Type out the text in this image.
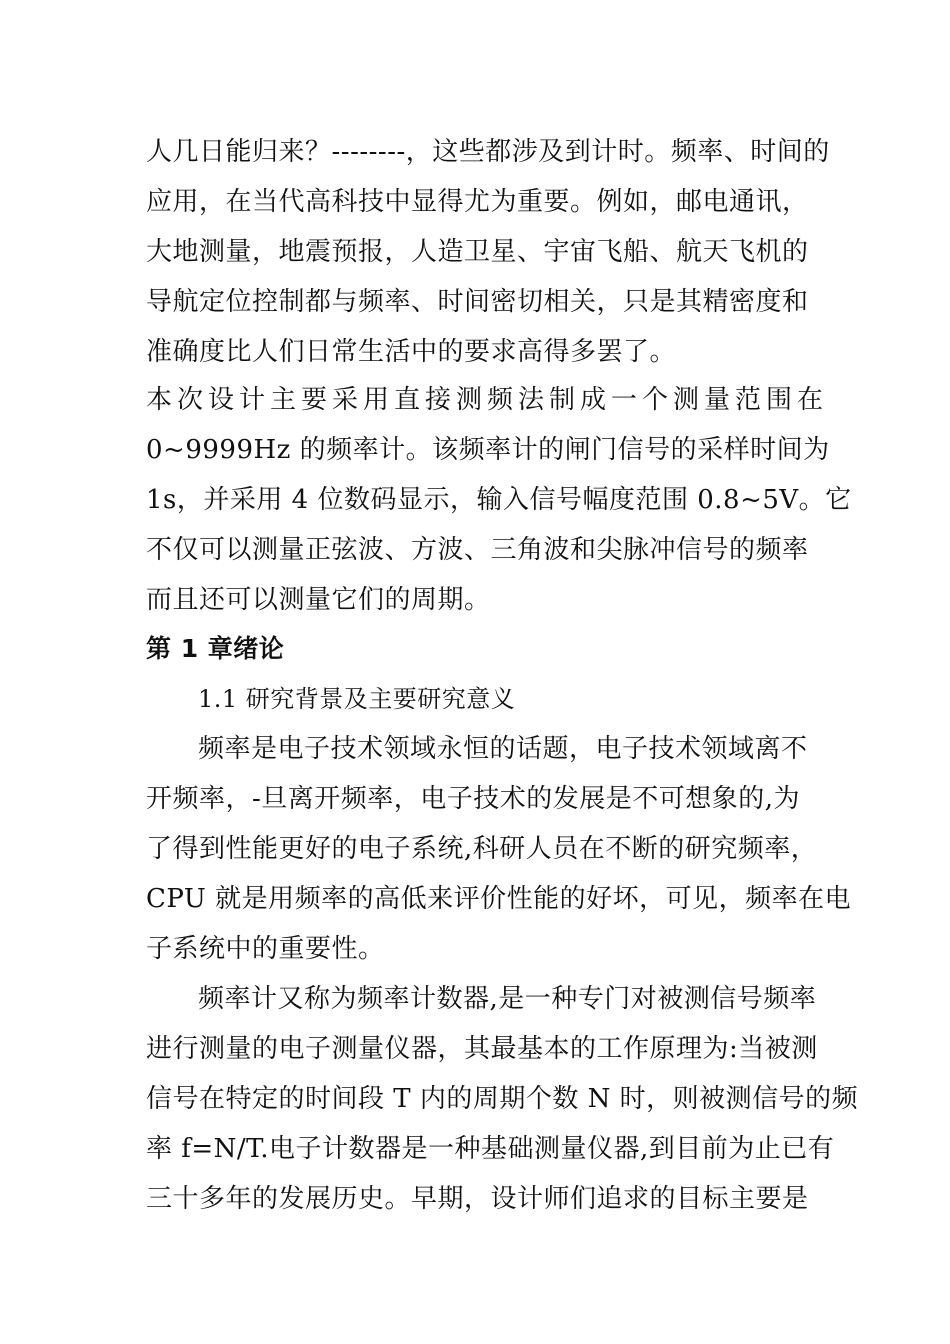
人几日能归来？--------，这些都涉及到计时。频率、时间的
应用，在当代高科技中显得尤为重要。例如，邮电通讯，
大地测量，地震预报，人造卫星、宇宙飞船、航天飞机的
导航定位控制都与频率、时间密切相关，只是其精密度和
准确度比人们日常生活中的要求高得多罢了。
本次设计主要采用直接测频法制成一个测量范围在
0~9999Hz 的频率计。该频率计的闸门信号的采样时间为
1s，并采用 4 位数码显示，输入信号幅度范围 0.8~5V。它
不仅可以测量正弦波、方波、三角波和尖脉冲信号的频率
而且还可以测量它们的周期。
第 1 章绪论
1.1 研究背景及主要研究意义
频率是电子技术领域永恒的话题，电子技术领域离不
开频率，-旦离开频率，电子技术的发展是不可想象的,为
了得到性能更好的电子系统,科研人员在不断的研究频率，
CPU 就是用频率的高低来评价性能的好坏，可见，频率在电
子系统中的重要性。
频率计又称为频率计数器,是一种专门对被测信号频率
进行测量的电子测量仪器，其最基本的工作原理为:当被测
信号在特定的时间段 T 内的周期个数 N 时，则被测信号的频
率 f=N/T.电子计数器是一种基础测量仪器,到目前为止已有
三十多年的发展历史。早期，设计师们追求的目标主要是
